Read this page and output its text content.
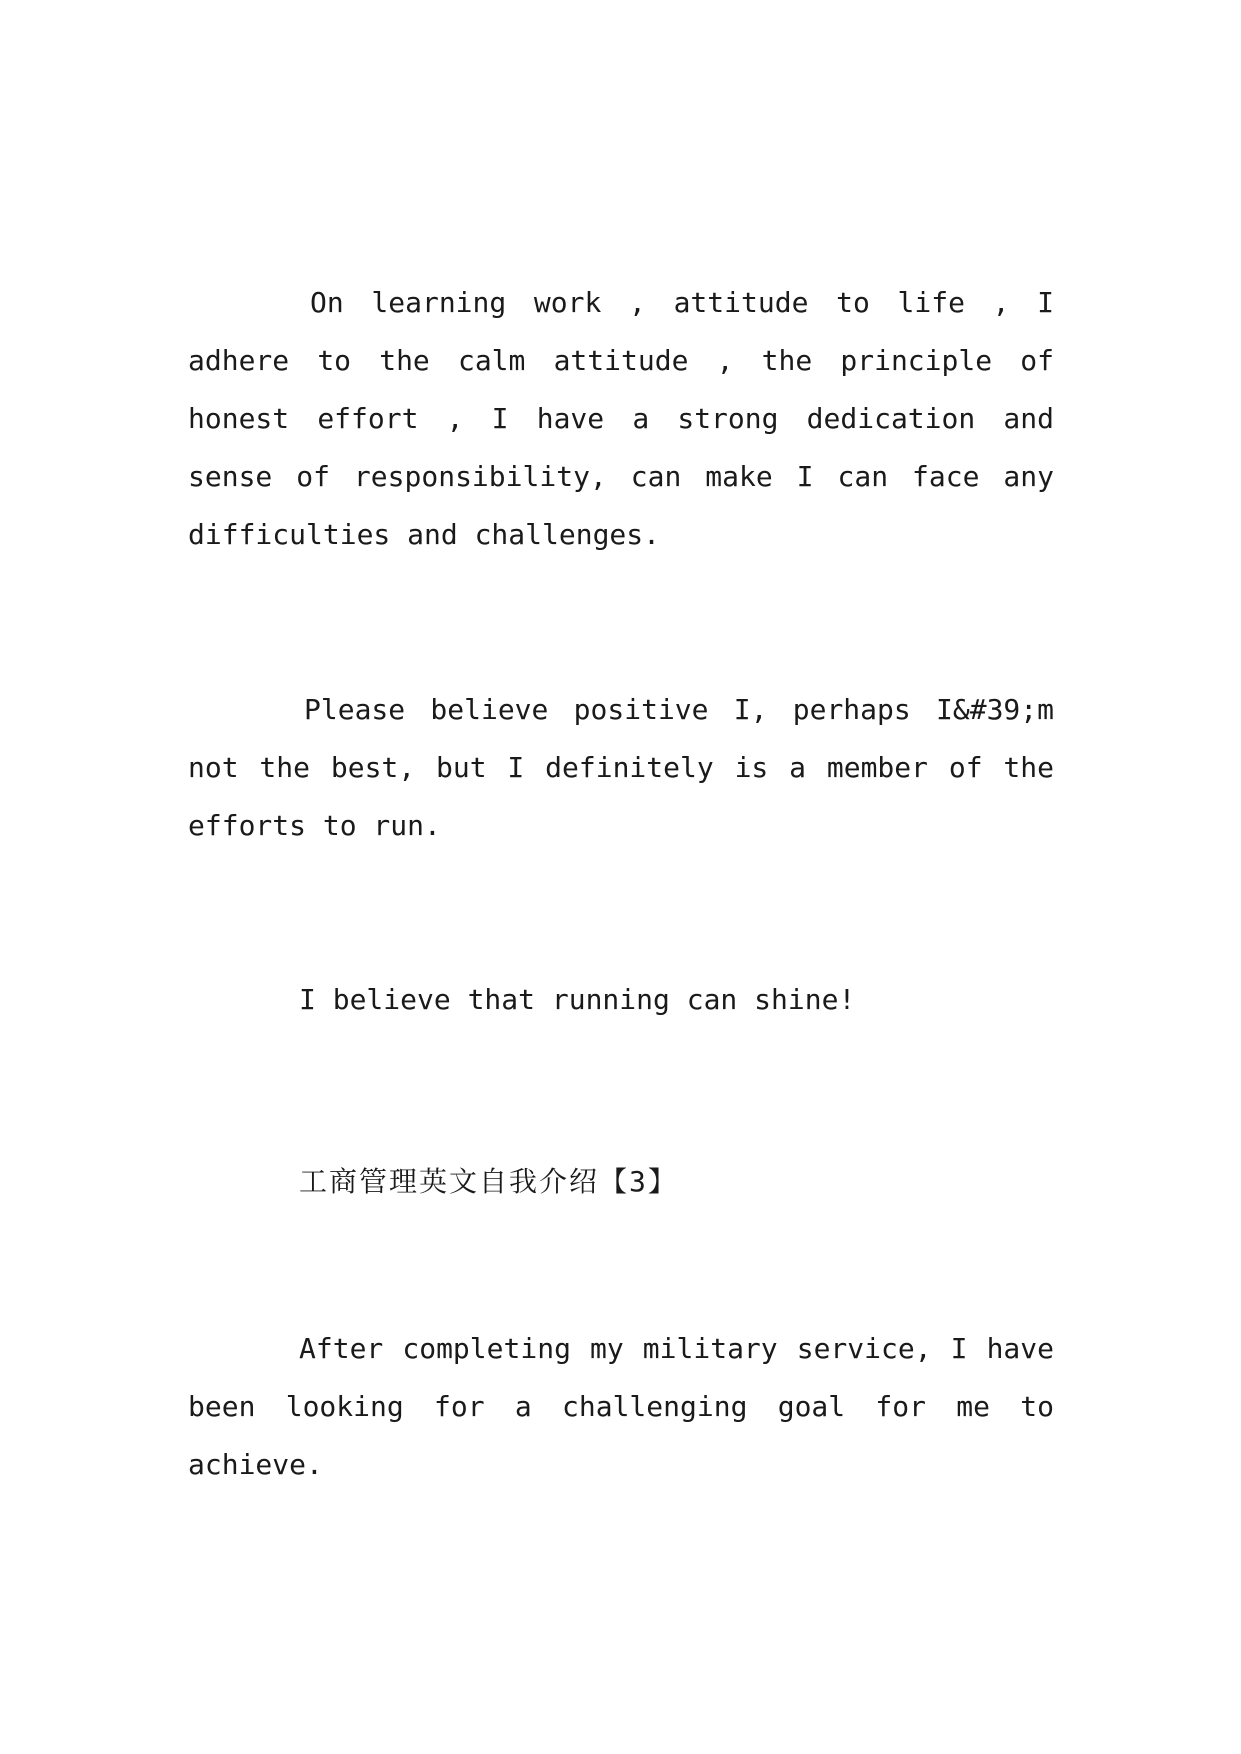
On learning work , attitude to life , I adhere to the calm attitude , the principle of honest effort , I have a strong dedication and sense of responsibility, can make I can face any difficulties and challenges.

Please believe positive I, perhaps I&#39;m not the best, but I definitely is a member of the efforts to run.

I believe that running can shine!

工商管理英文自我介绍【3】

After completing my military service, I have been looking for a challenging goal for me to achieve.
